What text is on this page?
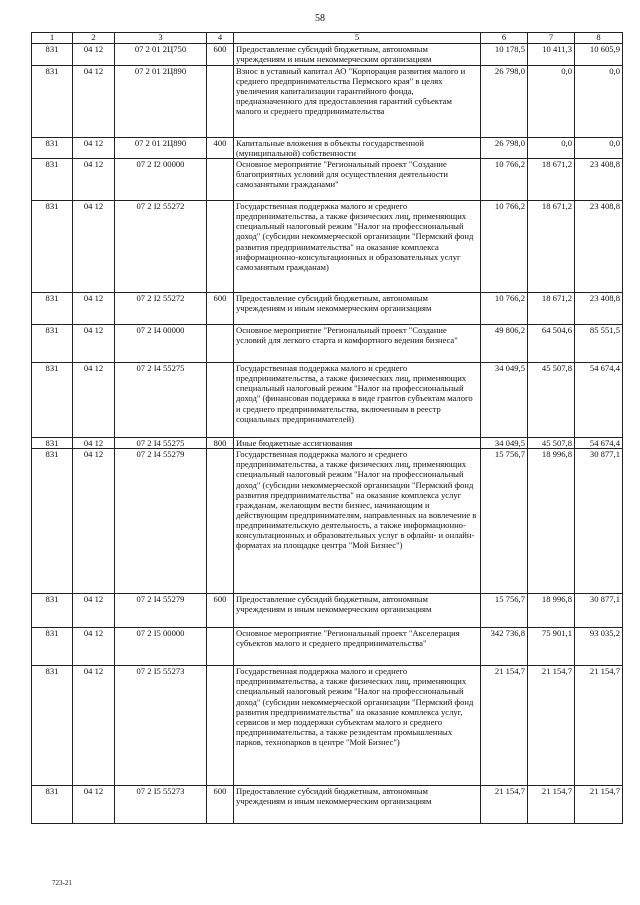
58
1	2	3	4	5	6	7	8
831	04 12	07 2 01 2Ц750	600	Предоставление субсидий бюджетным, автономным учреждениям и иным некоммерческим организациям	10 178,5	10 411,3	10 605,9
831	04 12	07 2 01 2Ц890		Взнос в уставный капитал АО "Корпорация развития малого и среднего предпринимательства Пермского края" в целях увеличения капитализации гарантийного фонда, предназначенного для предоставления гарантий субъектам малого и среднего предпринимательства	26 798,0	0,0	0,0
831	04 12	07 2 01 2Ц890	400	Капитальные вложения в объекты государственной (муниципальной) собственности	26 798,0	0,0	0,0
831	04 12	07 2 I2 00000		Основное мероприятие "Региональный проект "Создание благоприятных условий для осуществления деятельности самозанятыми гражданами"	10 766,2	18 671,2	23 408,8
831	04 12	07 2 I2 55272		Государственная поддержка малого и среднего предпринимательства, а также физических лиц, применяющих специальный налоговый режим "Налог на профессиональный доход" (субсидии некоммерческой организации "Пермский фонд развития предпринимательства" на оказание комплекса информационно-консультационных и образовательных услуг самозанятым гражданам)	10 766,2	18 671,2	23 408,8
831	04 12	07 2 I2 55272	600	Предоставление субсидий бюджетным, автономным учреждениям и иным некоммерческим организациям	10 766,2	18 671,2	23 408,8
831	04 12	07 2 I4 00000		Основное мероприятие "Региональный проект "Создание условий для легкого старта и комфортного ведения бизнеса"	49 806,2	64 504,6	85 551,5
831	04 12	07 2 I4 55275		Государственная поддержка малого и среднего предпринимательства, а также физических лиц, применяющих специальный налоговый режим "Налог на профессиональный доход" (финансовая поддержка в виде грантов субъектам малого и среднего предпринимательства, включенным в реестр социальных предпринимателей)	34 049,5	45 507,8	54 674,4
831	04 12	07 2 I4 55275	800	Иные бюджетные ассигнования	34 049,5	45 507,8	54 674,4
831	04 12	07 2 I4 55279		Государственная поддержка малого и среднего предпринимательства, а также физических лиц, применяющих специальный налоговый режим "Налог на профессиональный доход" (субсидии некоммерческой организации "Пермский фонд развития предпринимательства" на оказание комплекса услуг гражданам, желающим вести бизнес, начинающим и действующим предпринимателям, направленных на вовлечение в предпринимательскую деятельность, а также информационно-консультационных и образовательных услуг в офлайн- и онлайн-форматах на площадке центра "Мой Бизнес")	15 756,7	18 996,8	30 877,1
831	04 12	07 2 I4 55279	600	Предоставление субсидий бюджетным, автономным учреждениям и иным некоммерческим организациям	15 756,7	18 996,8	30 877,1
831	04 12	07 2 I5 00000		Основное мероприятие "Региональный проект "Акселерация субъектов малого и среднего предпринимательства"	342 736,8	75 901,1	93 035,2
831	04 12	07 2 I5 55273		Государственная поддержка малого и среднего предпринимательства, а также физических лиц, применяющих специальный налоговый режим "Налог на профессиональный доход" (субсидии некоммерческой организации "Пермский фонд развития предпринимательства" на оказание комплекса услуг, сервисов и мер поддержки субъектам малого и среднего предпринимательства, а также резидентам промышленных парков, технопарков в центре "Мой Бизнес")	21 154,7	21 154,7	21 154,7
831	04 12	07 2 I5 55273	600	Предоставление субсидий бюджетным, автономным учреждениям и иным некоммерческим организациям	21 154,7	21 154,7	21 154,7
723-21
